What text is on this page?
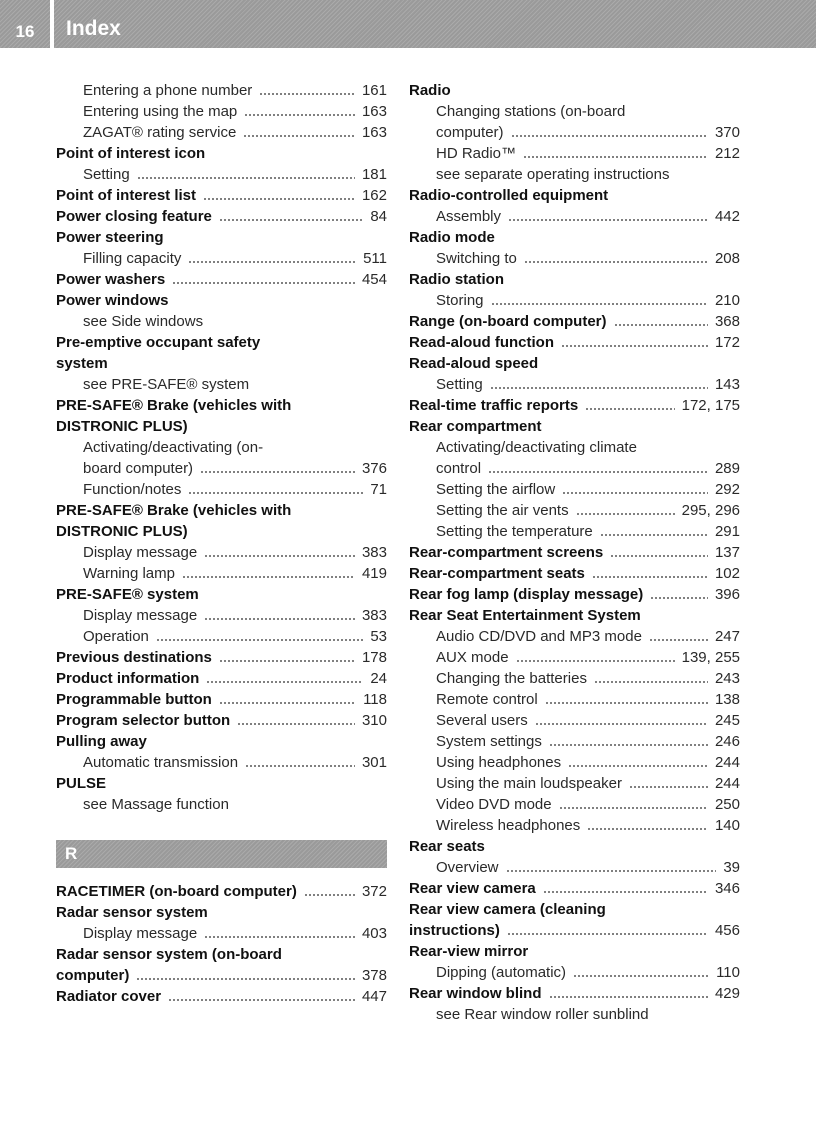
16	Index
Entering a phone number	161
Entering using the map	163
ZAGAT® rating service	163
Point of interest icon
Setting	181
Point of interest list	162
Power closing feature	84
Power steering
Filling capacity	511
Power washers	454
Power windows
see Side windows
Pre-emptive occupant safety
system
see PRE-SAFE® system
PRE-SAFE® Brake (vehicles with
DISTRONIC PLUS)
Activating/deactivating (on-
board computer)	376
Function/notes	71
PRE-SAFE® Brake (vehicles with
DISTRONIC PLUS)
Display message	383
Warning lamp	419
PRE-SAFE® system
Display message	383
Operation	53
Previous destinations	178
Product information	24
Programmable button	118
Program selector button	310
Pulling away
Automatic transmission	301
PULSE
see Massage function
R
RACETIMER (on-board computer)	372
Radar sensor system
Display message	403
Radar sensor system (on-board
computer)	378
Radiator cover	447
Radio
Changing stations (on-board
computer)	370
HD Radio™	212
see separate operating instructions
Radio-controlled equipment
Assembly	442
Radio mode
Switching to	208
Radio station
Storing	210
Range (on-board computer)	368
Read-aloud function	172
Read-aloud speed
Setting	143
Real-time traffic reports	172, 175
Rear compartment
Activating/deactivating climate
control	289
Setting the airflow	292
Setting the air vents	295, 296
Setting the temperature	291
Rear-compartment screens	137
Rear-compartment seats	102
Rear fog lamp (display message)	396
Rear Seat Entertainment System
Audio CD/DVD and MP3 mode	247
AUX mode	139, 255
Changing the batteries	243
Remote control	138
Several users	245
System settings	246
Using headphones	244
Using the main loudspeaker	244
Video DVD mode	250
Wireless headphones	140
Rear seats
Overview	39
Rear view camera	346
Rear view camera (cleaning
instructions)	456
Rear-view mirror
Dipping (automatic)	110
Rear window blind	429
see Rear window roller sunblind
